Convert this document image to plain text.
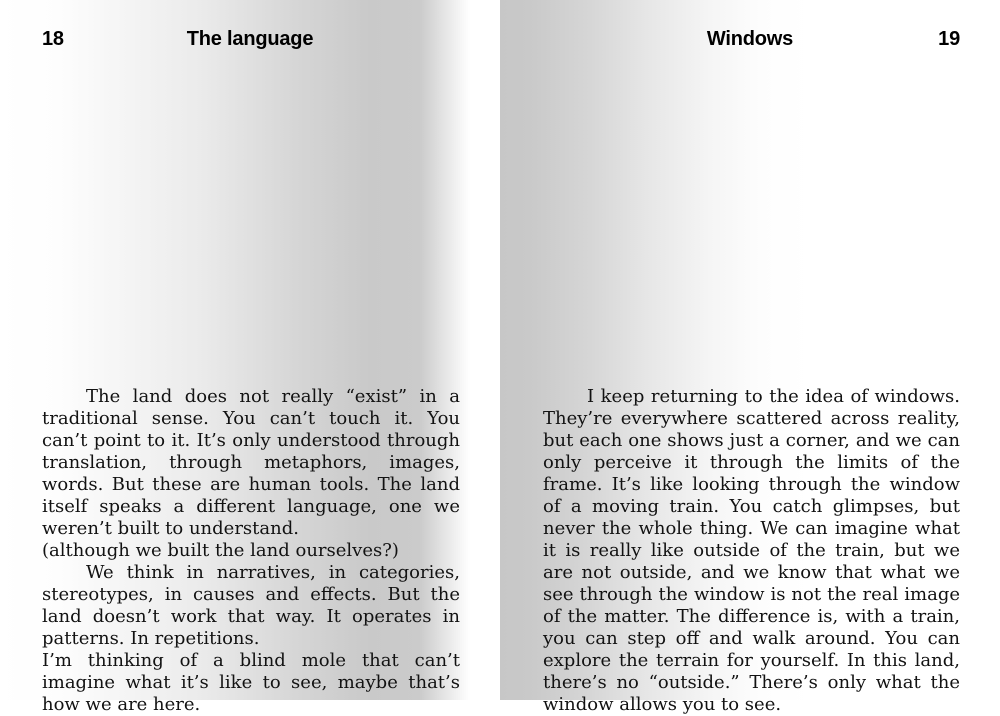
18	The language

The land does not really “exist” in a traditional sense. You can’t touch it. You can’t point to it. It’s only understood through translation, through metaphors, images, words. But these are human tools. The land itself speaks a different language, one we weren’t built to understand.

(although we built the land ourselves?)

We think in narratives, in categories, stereotypes, in causes and effects. But the land doesn’t work that way. It operates in patterns. In repetitions.

I’m thinking of a blind mole that can’t imagine what it’s like to see, maybe that’s how we are here.

Windows	19

I keep returning to the idea of windows. They’re everywhere scattered across reality, but each one shows just a corner, and we can only perceive it through the limits of the frame. It’s like looking through the window of a moving train. You catch glimpses, but never the whole thing. We can imagine what it is really like outside of the train, but we are not outside, and we know that what we see through the window is not the real image of the matter. The difference is, with a train, you can step off and walk around. You can explore the terrain for yourself. In this land, there’s no “outside.” There’s only what the window allows you to see.
